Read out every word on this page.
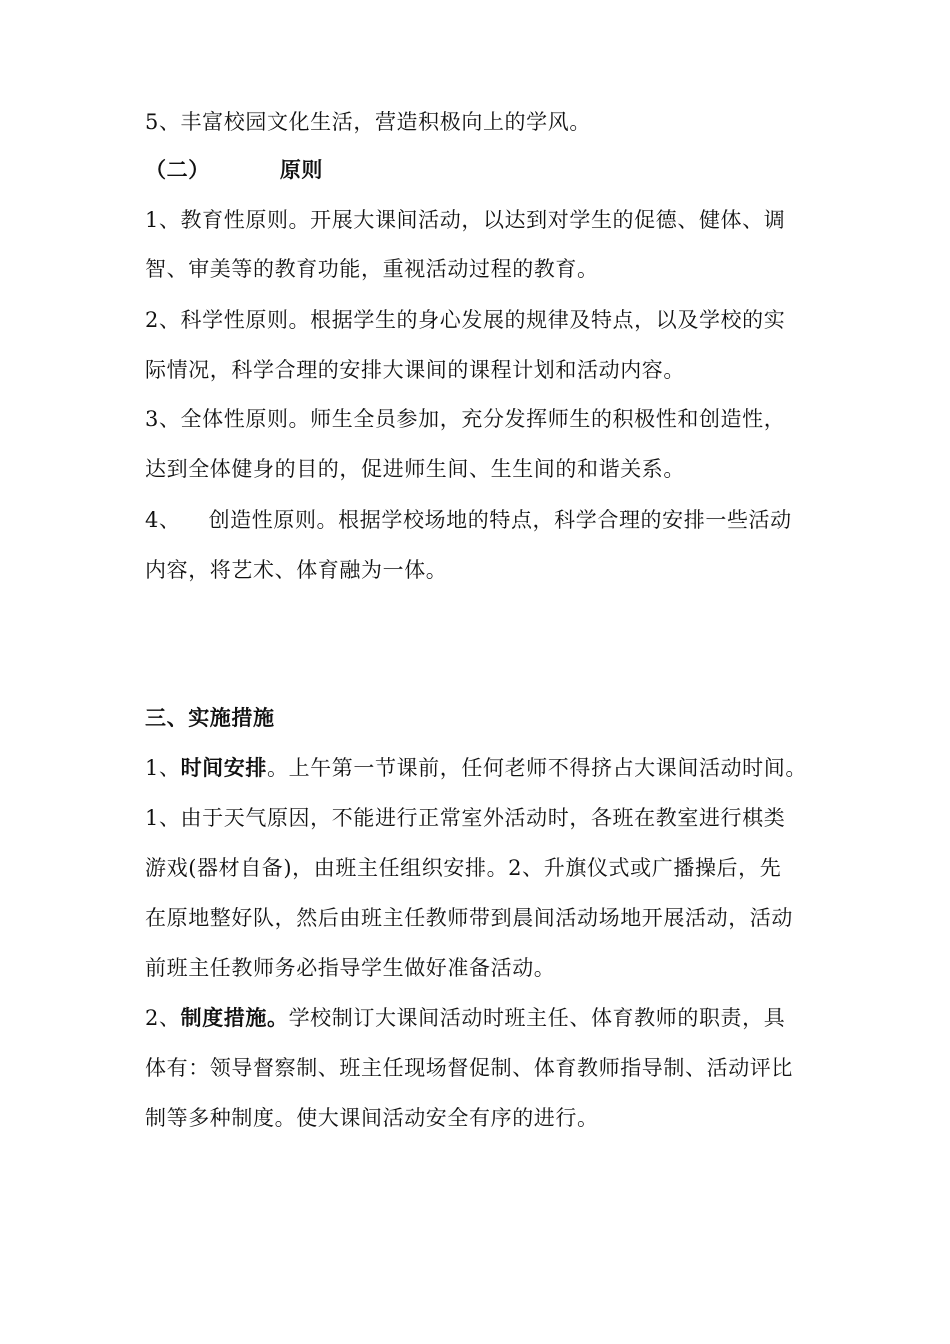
5、丰富校园文化生活，营造积极向上的学风。
（二）	原则
1、教育性原则。开展大课间活动，以达到对学生的促德、健体、调
智、审美等的教育功能，重视活动过程的教育。
2、科学性原则。根据学生的身心发展的规律及特点，以及学校的实
际情况，科学合理的安排大课间的课程计划和活动内容。
3、全体性原则。师生全员参加，充分发挥师生的积极性和创造性，
达到全体健身的目的，促进师生间、生生间的和谐关系。
4、 创造性原则。根据学校场地的特点，科学合理的安排一些活动
内容，将艺术、体育融为一体。
三、实施措施
1、时间安排。上午第一节课前，任何老师不得挤占大课间活动时间。
1、由于天气原因，不能进行正常室外活动时，各班在教室进行棋类
游戏(器材自备)，由班主任组织安排。2、升旗仪式或广播操后，先
在原地整好队，然后由班主任教师带到晨间活动场地开展活动，活动
前班主任教师务必指导学生做好准备活动。
2、制度措施。学校制订大课间活动时班主任、体育教师的职责，具
体有：领导督察制、班主任现场督促制、体育教师指导制、活动评比
制等多种制度。使大课间活动安全有序的进行。
